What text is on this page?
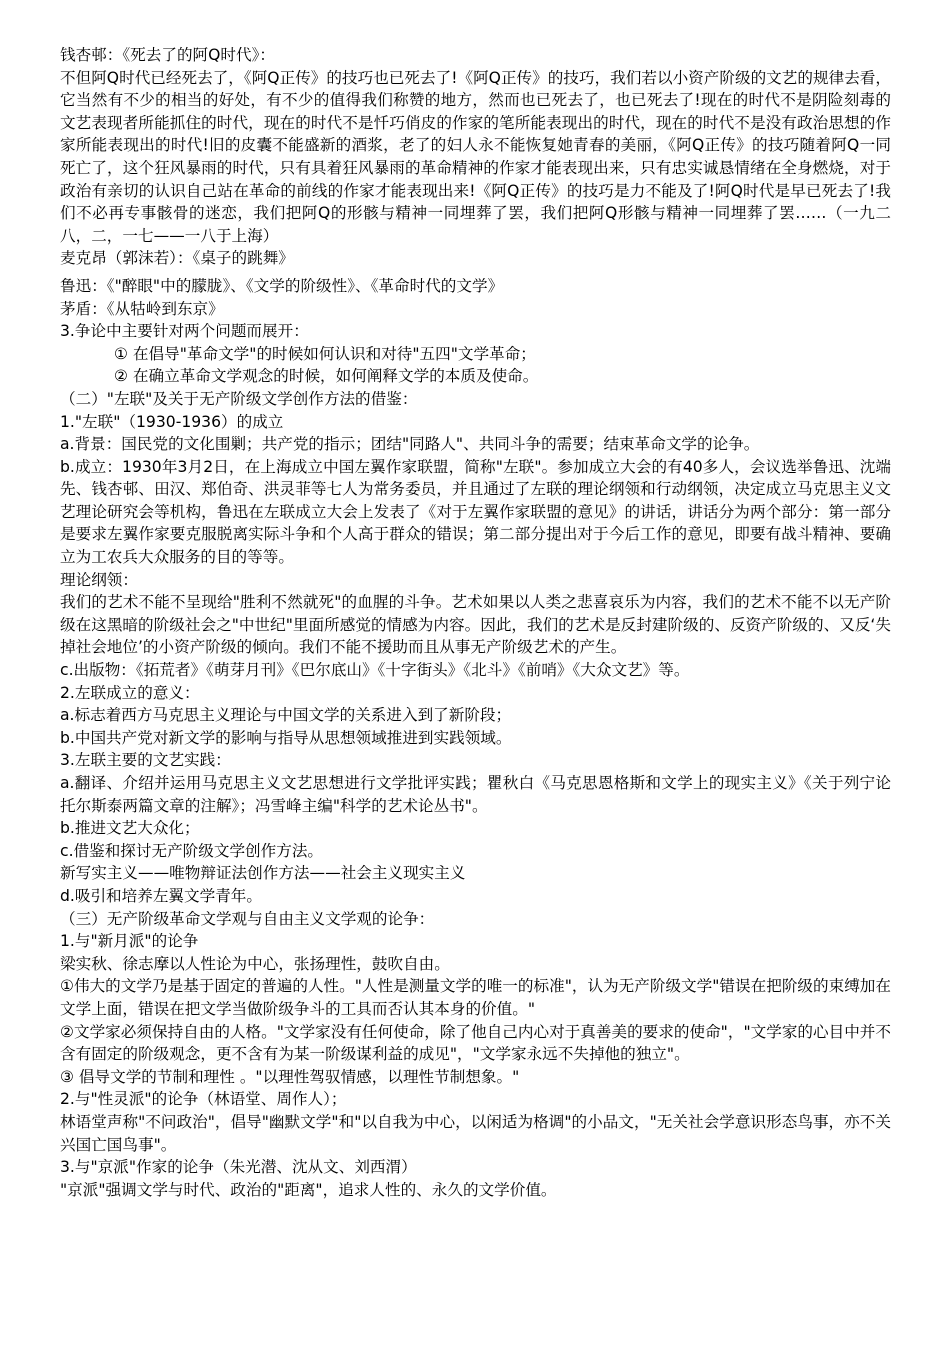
钱杏邨：《死去了的阿Q时代》：
不但阿Q时代已经死去了，《阿Q正传》的技巧也已死去了!《阿Q正传》的技巧，我们若以小资产阶级的文艺的规律去看，它当然有不少的相当的好处，有不少的值得我们称赞的地方，然而也已死去了，也已死去了!现在的时代不是阴险刻毒的文艺表现者所能抓住的时代，现在的时代不是忏巧俏皮的作家的笔所能表现出的时代，现在的时代不是没有政治思想的作家所能表现出的时代!旧的皮囊不能盛新的酒浆，老了的妇人永不能恢复她青春的美丽，《阿Q正传》的技巧随着阿Q一同死亡了，这个狂风暴雨的时代，只有具着狂风暴雨的革命精神的作家才能表现出来，只有忠实诚恳情绪在全身燃烧，对于政治有亲切的认识自己站在革命的前线的作家才能表现出来!《阿Q正传》的技巧是力不能及了!阿Q时代是早已死去了!我们不必再专事骸骨的迷恋，我们把阿Q的形骸与精神一同埋葬了罢，我们把阿Q形骸与精神一同埋葬了罢……（一九二八，二，一七——一八于上海）
麦克昂（郭沫若）：《桌子的跳舞》
鲁迅：《"醉眼"中的朦胧》、《文学的阶级性》、《革命时代的文学》
茅盾：《从牯岭到东京》
3.争论中主要针对两个问题而展开：
① 在倡导"革命文学"的时候如何认识和对待"五四"文学革命；
② 在确立革命文学观念的时候，如何阐释文学的本质及使命。
（二）"左联"及关于无产阶级文学创作方法的借鉴：
1."左联"（1930-1936）的成立
a.背景：国民党的文化围剿；共产党的指示；团结"同路人"、共同斗争的需要；结束革命文学的论争。
b.成立：1930年3月2日，在上海成立中国左翼作家联盟，简称"左联"。参加成立大会的有40多人，会议选举鲁迅、沈端先、钱杏邨、田汉、郑伯奇、洪灵菲等七人为常务委员，并且通过了左联的理论纲领和行动纲领，决定成立马克思主义文艺理论研究会等机构，鲁迅在左联成立大会上发表了《对于左翼作家联盟的意见》的讲话，讲话分为两个部分：第一部分是要求左翼作家要克服脱离实际斗争和个人高于群众的错误；第二部分提出对于今后工作的意见，即要有战斗精神、要确立为工农兵大众服务的目的等等。
理论纲领：
我们的艺术不能不呈现给"胜利不然就死"的血腥的斗争。艺术如果以人类之悲喜哀乐为内容，我们的艺术不能不以无产阶级在这黑暗的阶级社会之"中世纪"里面所感觉的情感为内容。因此，我们的艺术是反封建阶级的、反资产阶级的、又反‘失掉社会地位’的小资产阶级的倾向。我们不能不援助而且从事无产阶级艺术的产生。
c.出版物：《拓荒者》《萌芽月刊》《巴尔底山》《十字街头》《北斗》《前哨》《大众文艺》等。
2.左联成立的意义：
a.标志着西方马克思主义理论与中国文学的关系进入到了新阶段；
b.中国共产党对新文学的影响与指导从思想领域推进到实践领域。
3.左联主要的文艺实践：
a.翻译、介绍并运用马克思主义文艺思想进行文学批评实践；瞿秋白《马克思恩格斯和文学上的现实主义》《关于列宁论托尔斯泰两篇文章的注解》；冯雪峰主编"科学的艺术论丛书"。
b.推进文艺大众化；
c.借鉴和探讨无产阶级文学创作方法。
新写实主义——唯物辩证法创作方法——社会主义现实主义
d.吸引和培养左翼文学青年。
（三）无产阶级革命文学观与自由主义文学观的论争：
1.与"新月派"的论争
梁实秋、徐志摩以人性论为中心，张扬理性，鼓吹自由。
①伟大的文学乃是基于固定的普遍的人性。"人性是测量文学的唯一的标准"，认为无产阶级文学"错误在把阶级的束缚加在文学上面，错误在把文学当做阶级争斗的工具而否认其本身的价值。"
②文学家必须保持自由的人格。"文学家没有任何使命，除了他自己内心对于真善美的要求的使命"，"文学家的心目中并不含有固定的阶级观念，更不含有为某一阶级谋利益的成见"，"文学家永远不失掉他的独立"。
③ 倡导文学的节制和理性 。"以理性驾驭情感，以理性节制想象。"
2.与"性灵派"的论争（林语堂、周作人）；
林语堂声称"不问政治"，倡导"幽默文学"和"以自我为中心，以闲适为格调"的小品文，"无关社会学意识形态鸟事，亦不关兴国亡国鸟事"。
3.与"京派"作家的论争（朱光潜、沈从文、刘西渭）
"京派"强调文学与时代、政治的"距离"，追求人性的、永久的文学价值。
